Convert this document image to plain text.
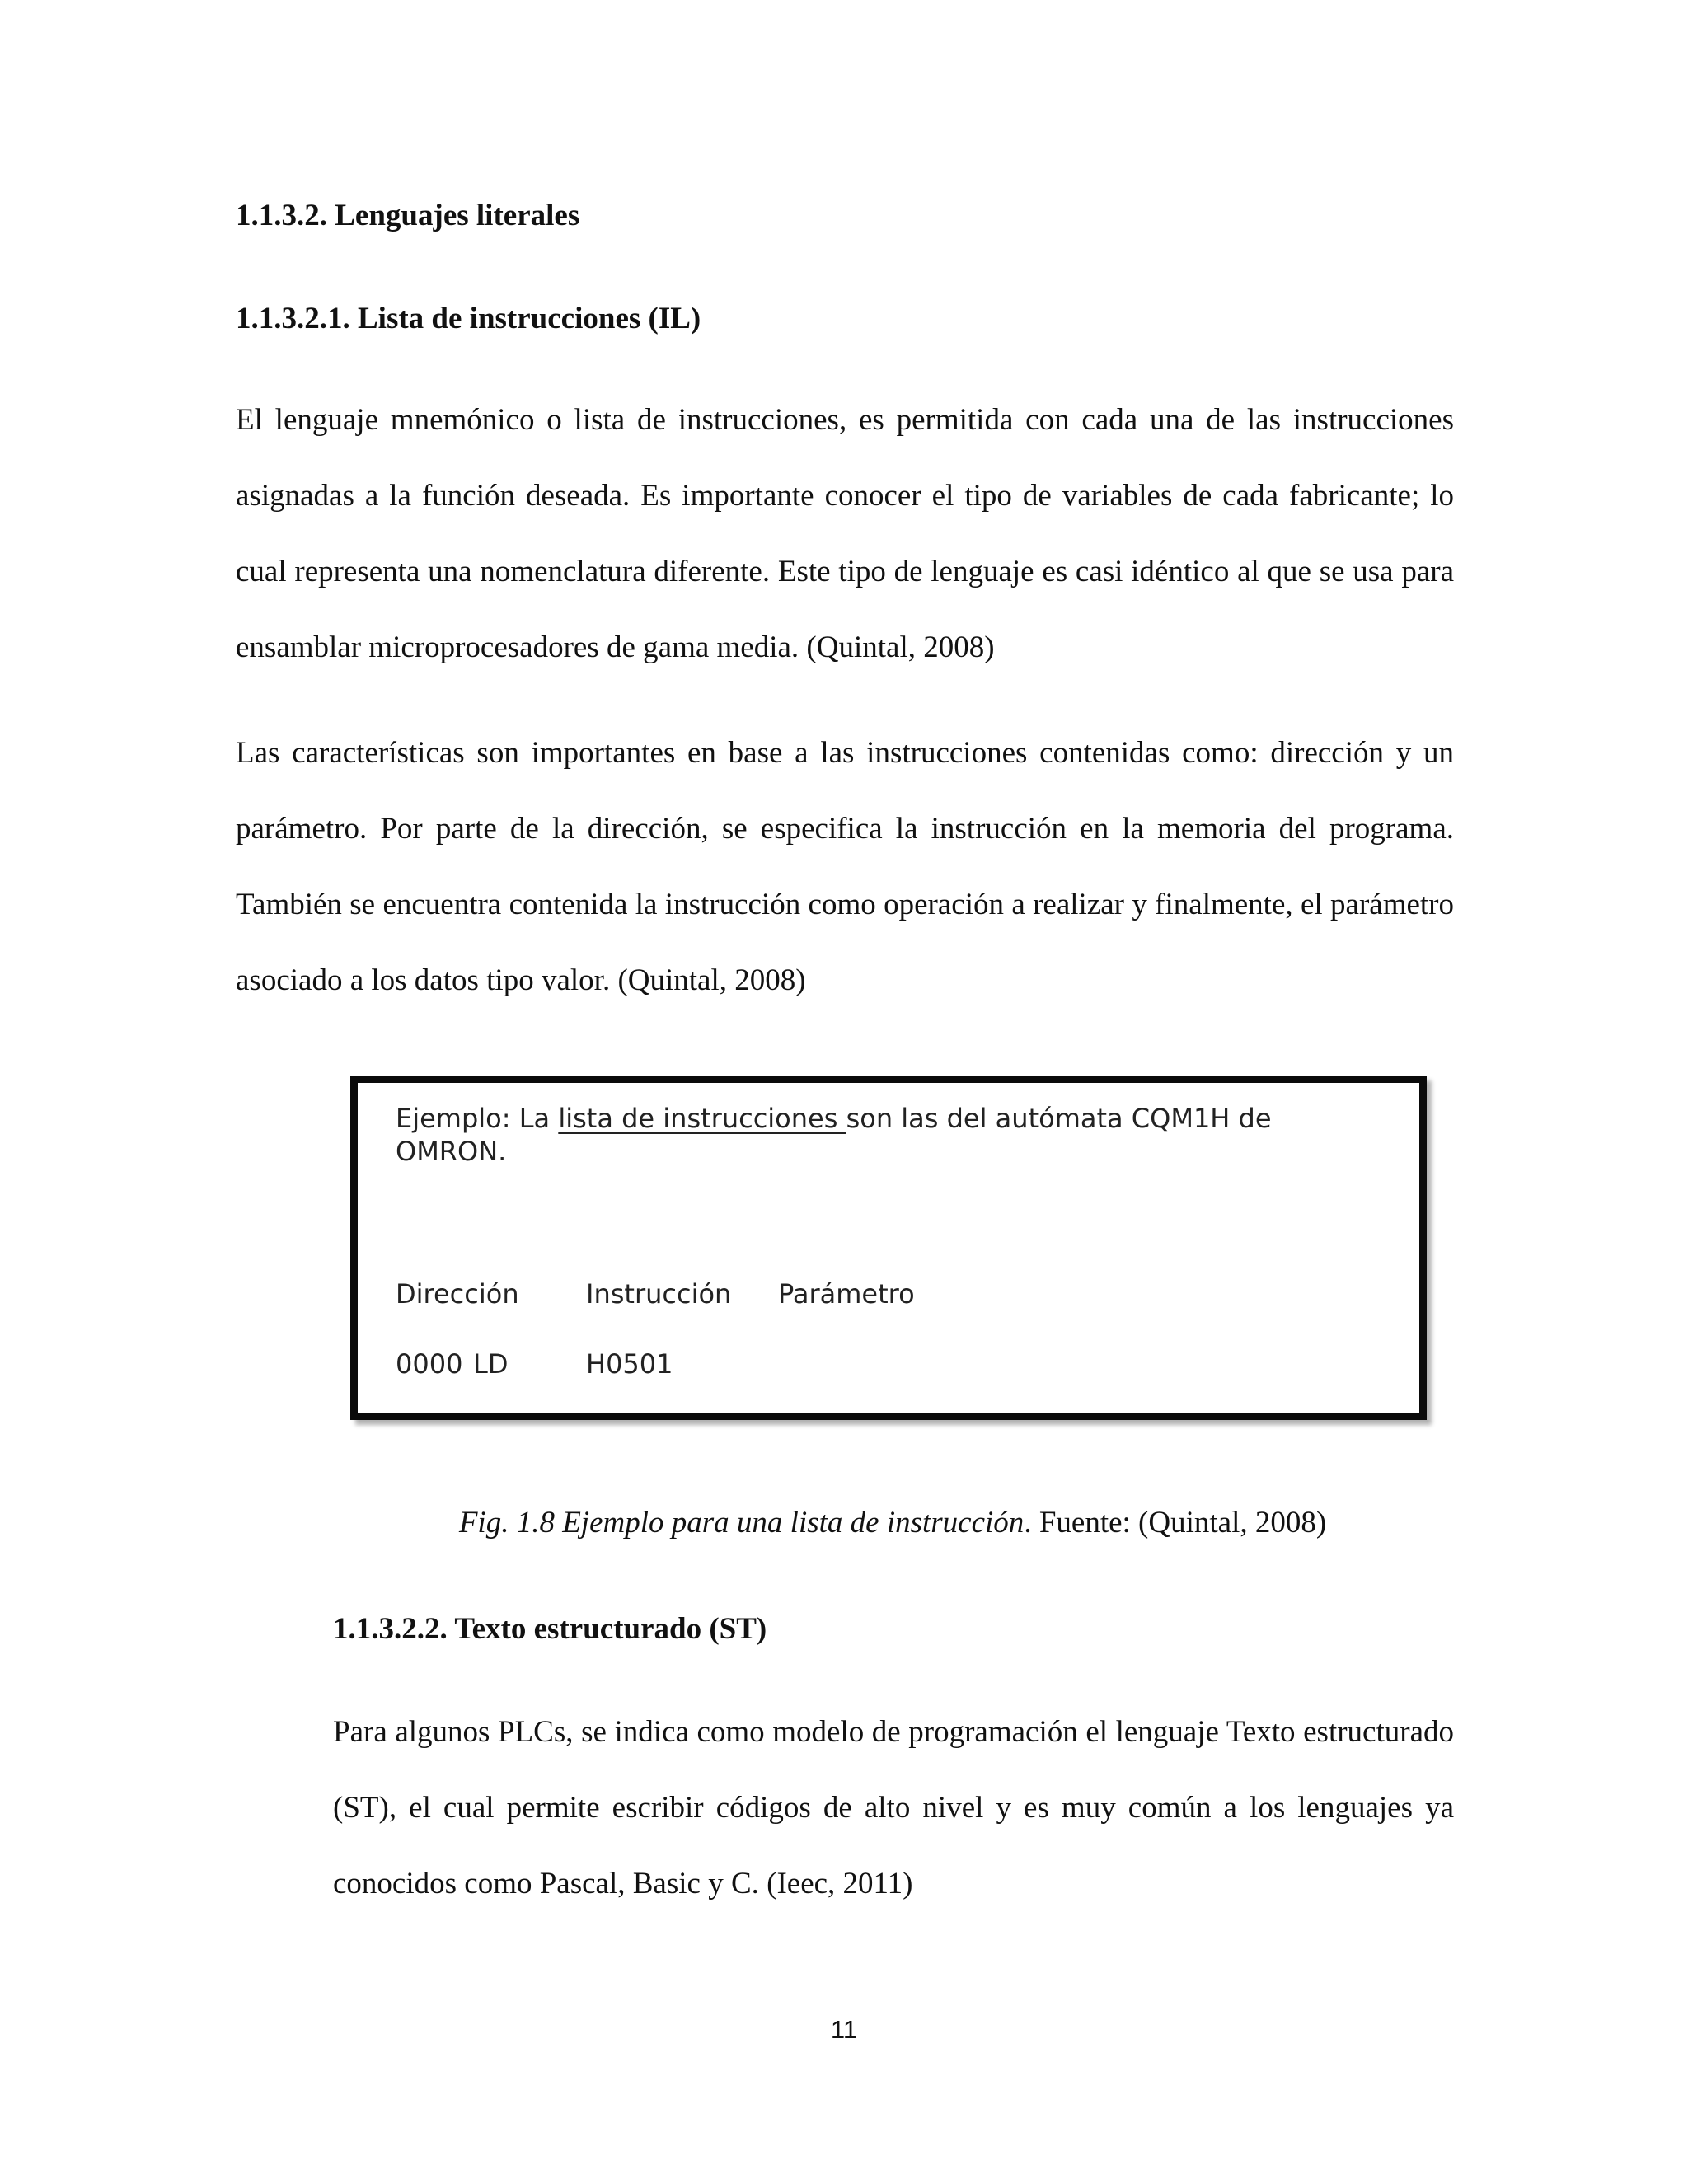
1.1.3.2. Lenguajes literales
1.1.3.2.1. Lista de instrucciones (IL)

El lenguaje mnemónico o lista de instrucciones, es permitida con cada una de las instrucciones asignadas a la función deseada. Es importante conocer el tipo de variables de cada fabricante; lo cual representa una nomenclatura diferente. Este tipo de lenguaje es casi idéntico al que se usa para ensamblar microprocesadores de gama media. (Quintal, 2008)

Las características son importantes en base a las instrucciones contenidas como: dirección y un parámetro. Por parte de la dirección, se especifica la instrucción en la memoria del programa. También se encuentra contenida la instrucción como operación a realizar y finalmente, el parámetro asociado a los datos tipo valor. (Quintal, 2008)

Ejemplo: La lista de instrucciones son las del autómata CQM1H de
OMRON.
Dirección	Instrucción Parámetro
0000 LD	H0501
Fig. 1.8 Ejemplo para una lista de instrucción. Fuente: (Quintal, 2008)
1.1.3.2.2. Texto estructurado (ST)

Para algunos PLCs, se indica como modelo de programación el lenguaje Texto estructurado (ST), el cual permite escribir códigos de alto nivel y es muy común a los lenguajes ya conocidos como Pascal, Basic y C. (Ieec, 2011)

11
